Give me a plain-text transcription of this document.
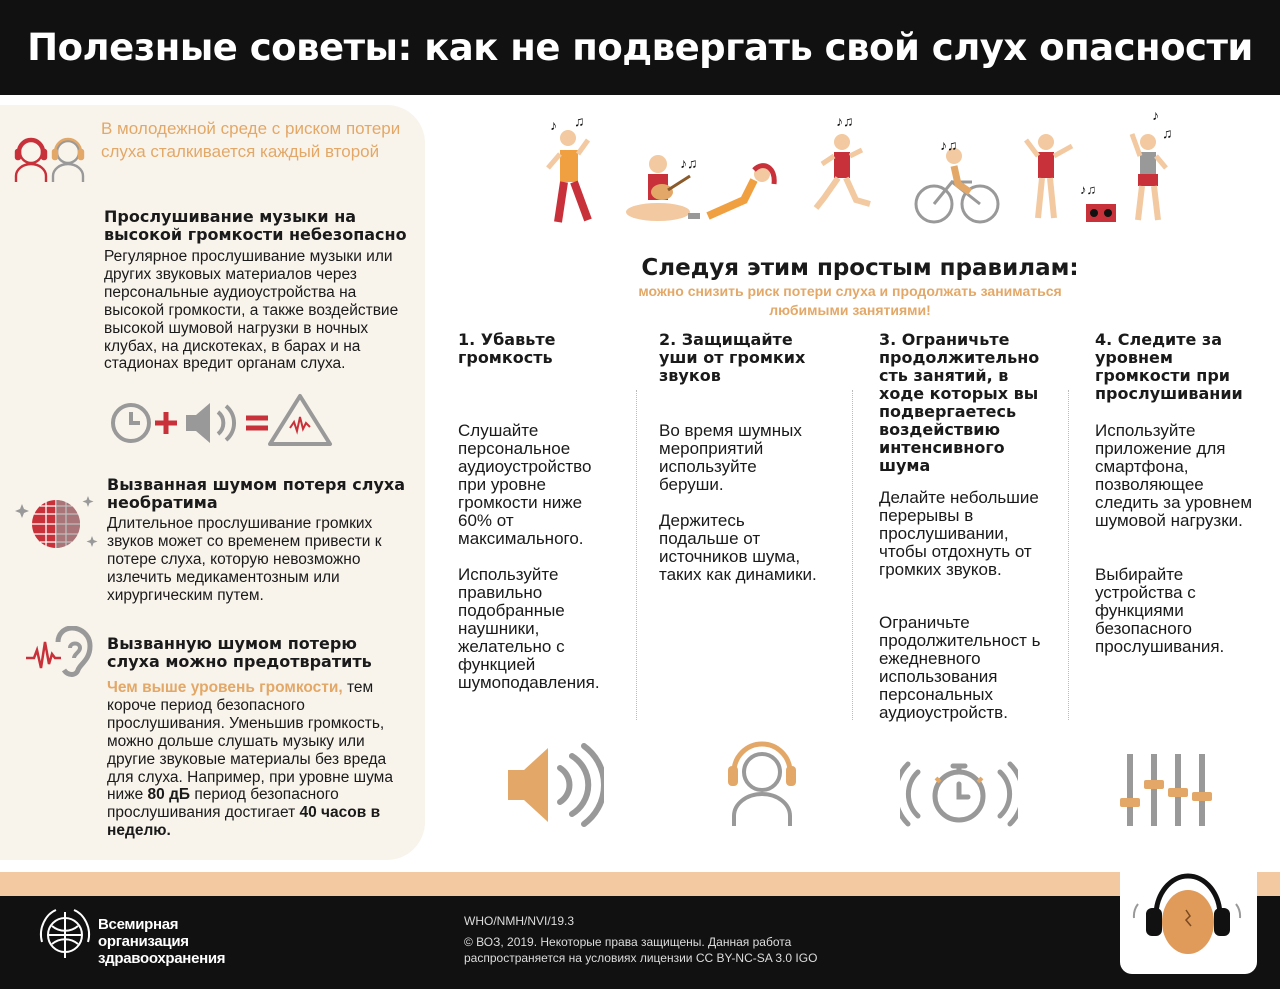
Полезные советы: как не подвергать свой слух опасности
В молодежной среде с риском потери слуха сталкивается каждый второй
Прослушивание музыки на высокой громкости небезопасно
Регулярное прослушивание музыки или других звуковых материалов через персональные аудиоустройства на высокой громкости, а также воздействие высокой шумовой нагрузки в ночных клубах, на дискотеках, в барах и на стадионах вредит органам слуха.
Вызванная шумом потеря слуха необратима
Длительное прослушивание громких звуков может со временем привести к потере слуха, которую невозможно излечить медикаментозным или хирургическим путем.
Вызванную шумом потерю слуха можно предотвратить
Чем выше уровень громкости, тем короче период безопасного прослушивания. Уменьшив громкость, можно дольше слушать музыку или другие звуковые материалы без вреда для слуха. Например, при уровне шума ниже 80 дБ период безопасного прослушивания достигает 40 часов в неделю.
♪ ♫
♪♫
♪♫
♪♫
♪♫
♪
♫
Следуя этим простым правилам:
можно снизить риск потери слуха и продолжать заниматься любимыми занятиями!
1. Убавьте громкость
Слушайте персональное аудиоустройство при уровне громкости ниже 60% от максимального.
Используйте правильно подобранные наушники, желательно с функцией шумоподавления.
2. Защищайте уши от громких звуков
Во время шумных мероприятий используйте беруши.
Держитесь подальше от источников шума, таких как динамики.
3. Ограничьте продолжительно сть занятий, в ходе которых вы подвергаетесь воздействию интенсивного шума
Делайте небольшие перерывы в прослушивании, чтобы отдохнуть от громких звуков.
Ограничьте продолжительност ь ежедневного использования персональных аудиоустройств.
4. Следите за уровнем громкости при прослушивании
Используйте приложение для смартфона, позволяющее следить за уровнем шумовой нагрузки.
Выбирайте устройства с функциями безопасного прослушивания.
Всемирная организация здравоохранения
WHO/NMH/NVI/19.3
© ВОЗ, 2019. Некоторые права защищены. Данная работа распространяется на условиях лицензии CC BY-NC-SA 3.0 IGO
